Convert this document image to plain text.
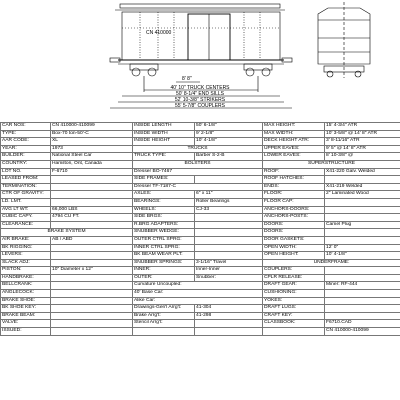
CN 410000
8' 8"
40' 10" TRUCK CENTERS
50' 8-1/4" END SILLS
52' 10-3/8" STRIKERS
55' 5-7/8" COUPLERS
CAR NOS:	CN 410000-410099	INSIDE LENGTH	50' 6-1/8"	MAX HEIGHT:	15' 4-3/4" ATR
TYPE:	Box-70 ton-50'-C	INSIDE WIDTH	9' 2-1/8"	MAX WIDTH:	10' 3-5/8" @ 14' 8" ATR
AAR CODE:	XL	INSIDE HEIGHT	10' 4-1/8"	DECK HEIGHT ATR:	3' 8-11/16" ATR
YEAR:	1973	TRUCKS		UPPER EAVES:	9' 5" @ 14' 8" ATR
BUILDER:	National Steel Car	TRUCK TYPE:	Barber S-2-B	LOWER EAVES:	8' 10-3/8" @
COUNTRY:	Hamilton, Ont, Canada	BOLSTERS		SUPERSTRUCTURE	
LOT NO.	F-6710	Dresser BO-7467		ROOF:	X41-220 Galv. Welded
LEASED FROM:		SIDE FRAMES:		ROOF HATCHES:	
TERMINATION:		Dresser TF-7187-C		ENDS:	X41-219 Welded
CTR OF GRAVITY:		AXLES:	6" x 11"	FLOOR:	2" Laminated Wood
LD. LMT.		BEARINGS:	Roller Bearings	FLOOR CAP:	
AVG LT WT:	66,000 LBS	WHEELS:	CJ-33	ANCHORS-DOORS:	
CUBIC CAPY.	4794 CU FT.	SIDE BRGS:		ANCHORS-POSTS:	
CLEARANCE:		R.BRG ADAPTERS:		DOORS:	Camel Plug
BRAKE SYSTEM		SNUBBER WEDGE:		DOORS:	
AIR BRAKE:	AB / ABD	OUTER CTRL SPRG:		DOOR GASKETS:	
BK RIGGING:		INNER CTRL SPRG:		OPEN WIDTH:	12' 0"
LEVERS:		BK BEAM WEAR PLT:		OPEN HEIGHT:	10' 4-1/8"
SLACK ADJ:		SNUBBER SPRINGS:	3-1/16" Travel	UNDERFRAME:	
PISTON:	10" Diameter x 12"	INNER:	Inner-Inner	COUPLERS:	
HANDBRAKE:		OUTER:	Snubber:	CPLR RELEASE:	
BELLCRANK:		Curvature Uncoupled:		DRAFT GEAR:	Miner: RF-444
ANGLECOCK:		40' Base Car:		CUSHIONING:	
BRAKE SHOE:		Alike Car:		YOKES:	
BK SHOE KEY:		Drawings-Gen'l Arrg't:	41-304	DRAFT LUGS:	
BRAKE BEAM:		Brake Arrg't:	41-298	CRAFT KEY:	
VALVE:		Stencil Arrg't:		CLASSBOOK:	F6710.CAD
ISSUED:					CN 410000-410099
